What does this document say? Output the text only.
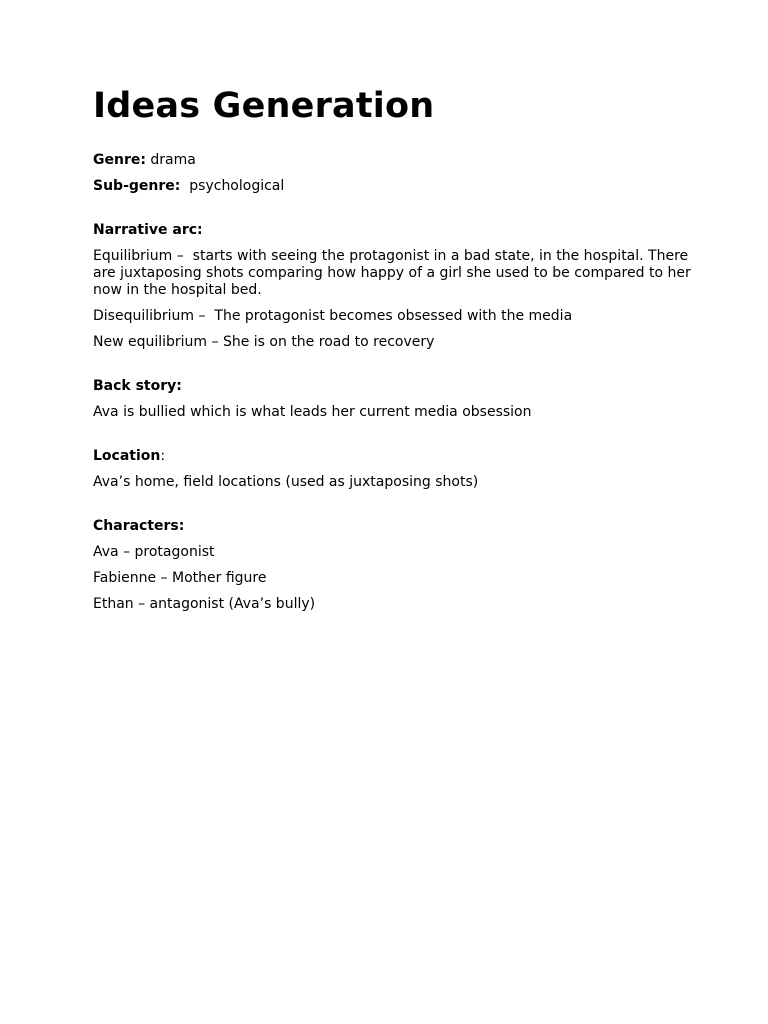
Ideas Generation

Genre: drama

Sub-genre:  psychological

Narrative arc:

Equilibrium –  starts with seeing the protagonist in a bad state, in the hospital. There are juxtaposing shots comparing how happy of a girl she used to be compared to her now in the hospital bed.

Disequilibrium –  The protagonist becomes obsessed with the media

New equilibrium – She is on the road to recovery

Back story:

Ava is bullied which is what leads her current media obsession

Location:

Ava’s home, field locations (used as juxtaposing shots)

Characters:

Ava – protagonist

Fabienne – Mother figure

Ethan – antagonist (Ava’s bully)
